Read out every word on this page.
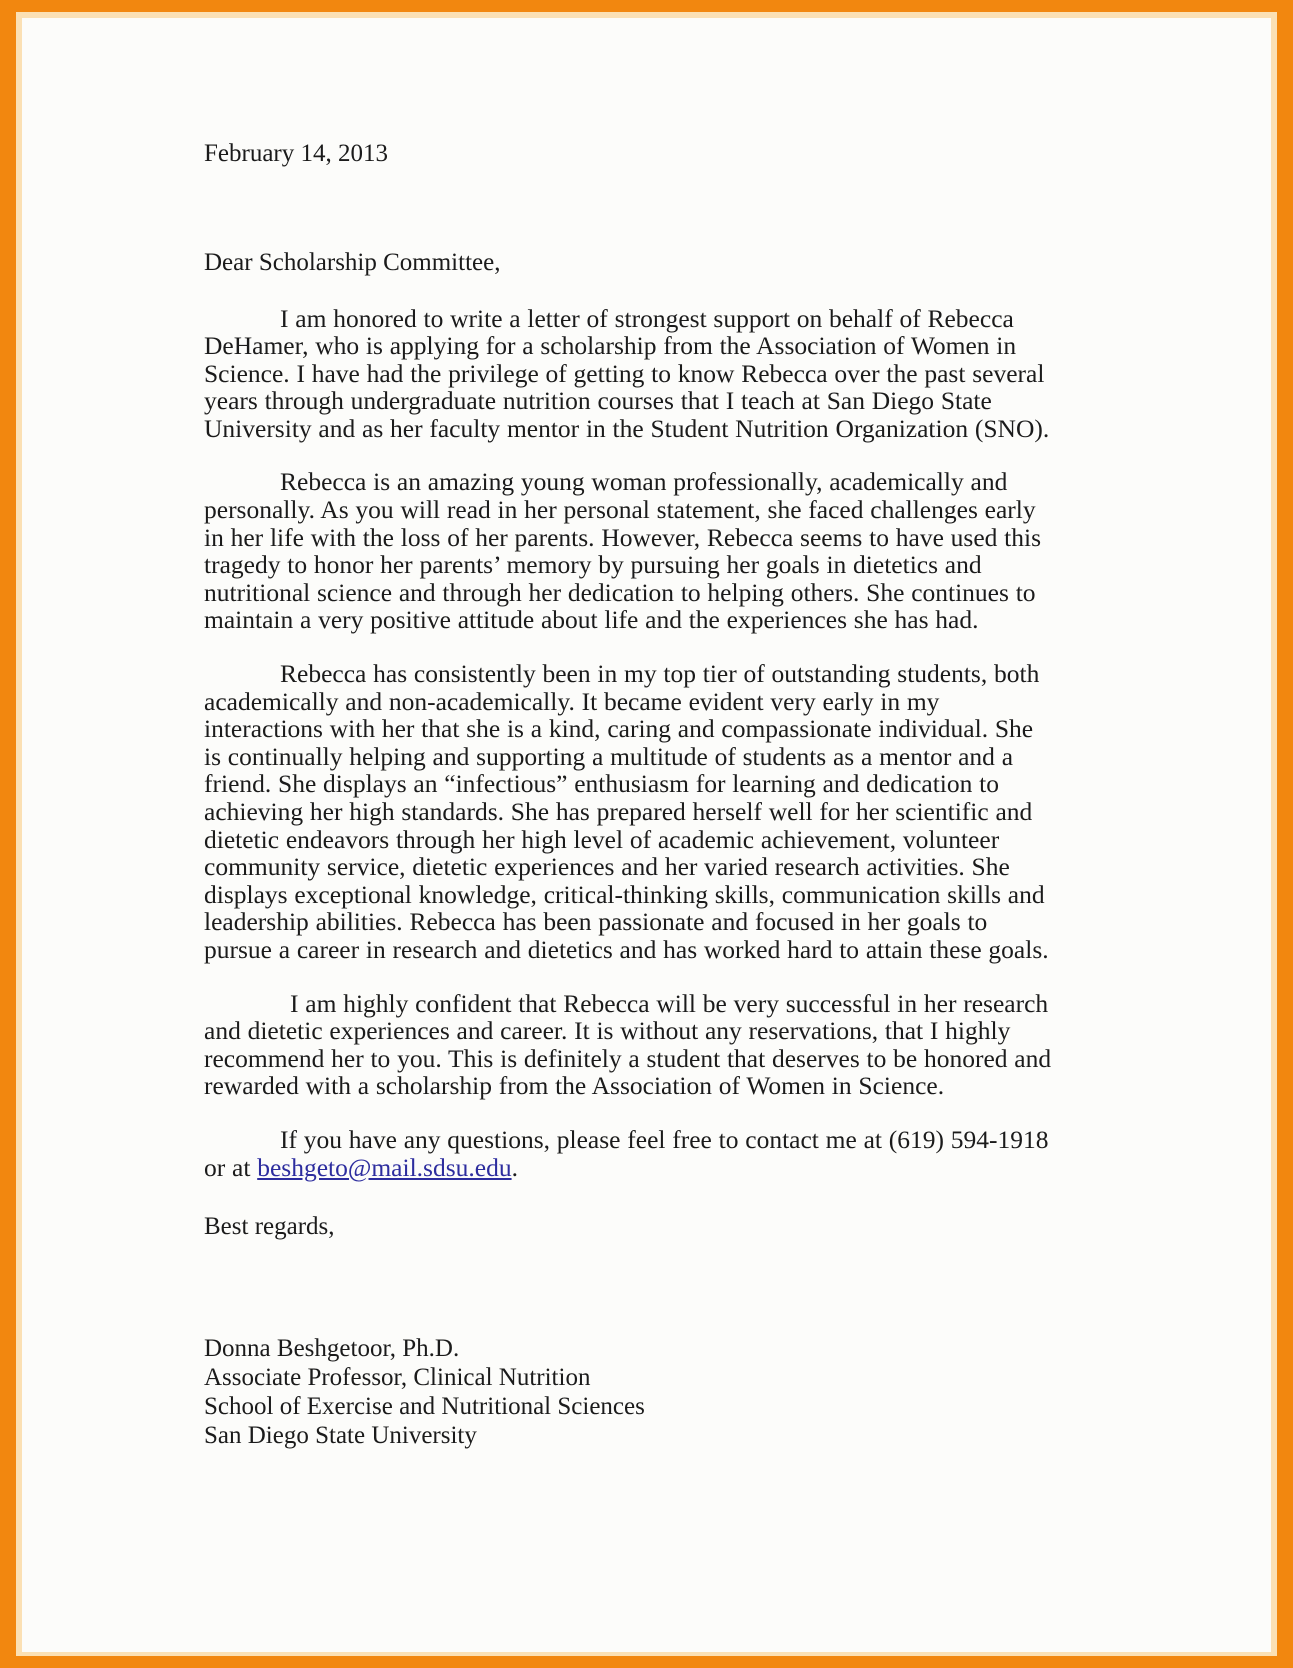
February 14, 2013
Dear Scholarship Committee,

I am honored to write a letter of strongest support on behalf of Rebecca DeHamer, who is applying for a scholarship from the Association of Women in Science. I have had the privilege of getting to know Rebecca over the past several years through undergraduate nutrition courses that I teach at San Diego State University and as her faculty mentor in the Student Nutrition Organization (SNO).

Rebecca is an amazing young woman professionally, academically and personally. As you will read in her personal statement, she faced challenges early in her life with the loss of her parents. However, Rebecca seems to have used this tragedy to honor her parents’ memory by pursuing her goals in dietetics and nutritional science and through her dedication to helping others. She continues to maintain a very positive attitude about life and the experiences she has had.

Rebecca has consistently been in my top tier of outstanding students, both academically and non-academically. It became evident very early in my interactions with her that she is a kind, caring and compassionate individual. She is continually helping and supporting a multitude of students as a mentor and a friend. She displays an “infectious” enthusiasm for learning and dedication to achieving her high standards. She has prepared herself well for her scientific and dietetic endeavors through her high level of academic achievement, volunteer community service, dietetic experiences and her varied research activities. She displays exceptional knowledge, critical-thinking skills, communication skills and leadership abilities. Rebecca has been passionate and focused in her goals to pursue a career in research and dietetics and has worked hard to attain these goals.

I am highly confident that Rebecca will be very successful in her research and dietetic experiences and career. It is without any reservations, that I highly recommend her to you. This is definitely a student that deserves to be honored and rewarded with a scholarship from the Association of Women in Science.

If you have any questions, please feel free to contact me at (619) 594-1918 or at beshgeto@mail.sdsu.edu.

Best regards,
Donna Beshgetoor, Ph.D.
Associate Professor, Clinical Nutrition
School of Exercise and Nutritional Sciences
San Diego State University
